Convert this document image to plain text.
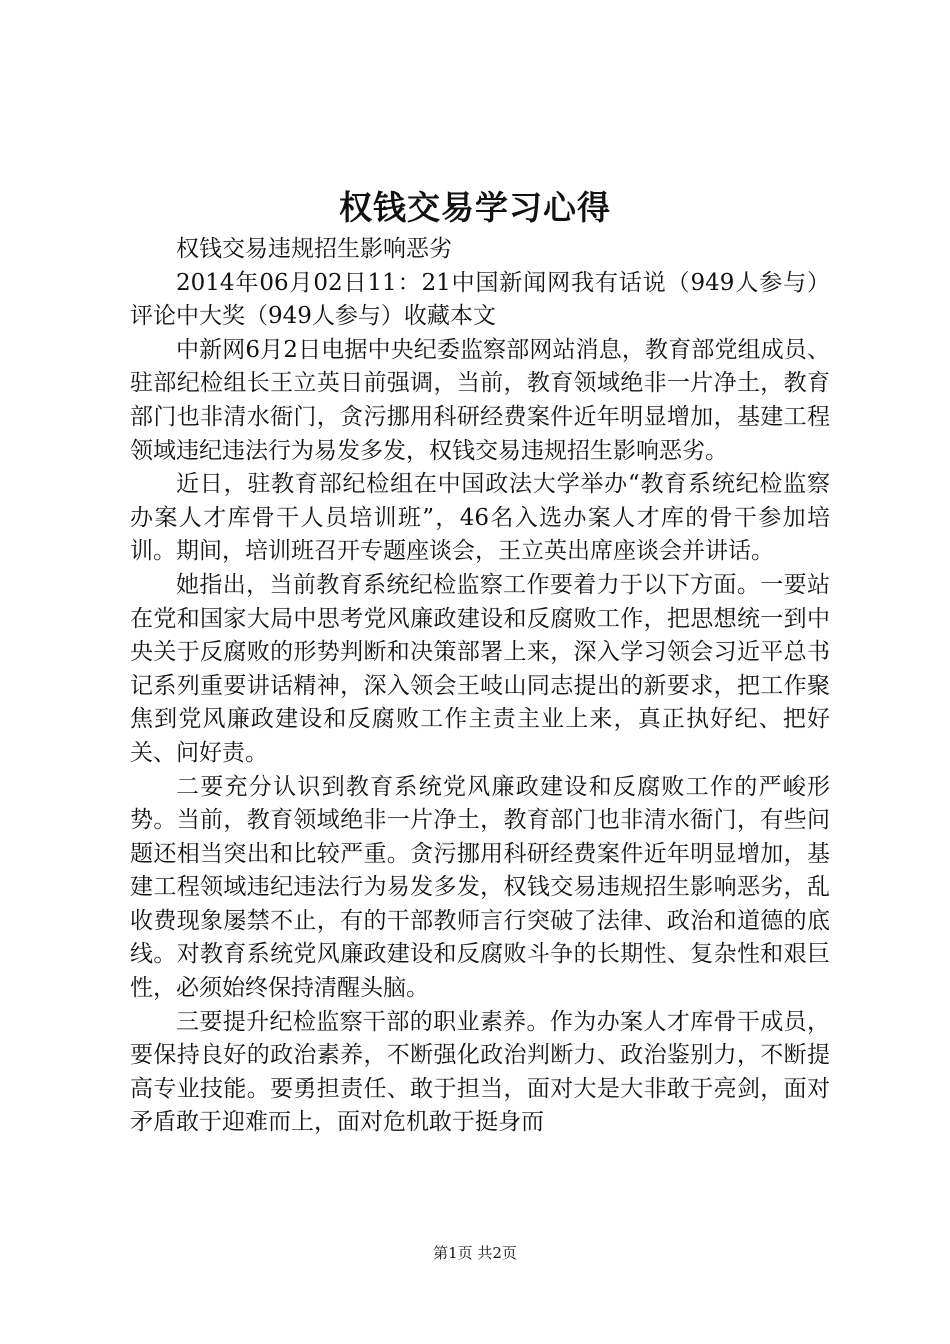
权钱交易学习心得

权钱交易违规招生影响恶劣

2014年06月02日11：21中国新闻网我有话说（949人参与）评论中大奖（949人参与）收藏本文

中新网6月2日电据中央纪委监察部网站消息，教育部党组成员、驻部纪检组长王立英日前强调，当前，教育领域绝非一片净土，教育部门也非清水衙门，贪污挪用科研经费案件近年明显增加，基建工程领域违纪违法行为易发多发，权钱交易违规招生影响恶劣。

近日，驻教育部纪检组在中国政法大学举办“教育系统纪检监察办案人才库骨干人员培训班”，46名入选办案人才库的骨干参加培训。期间，培训班召开专题座谈会，王立英出席座谈会并讲话。

她指出，当前教育系统纪检监察工作要着力于以下方面。一要站在党和国家大局中思考党风廉政建设和反腐败工作，把思想统一到中央关于反腐败的形势判断和决策部署上来，深入学习领会习近平总书记系列重要讲话精神，深入领会王岐山同志提出的新要求，把工作聚焦到党风廉政建设和反腐败工作主责主业上来，真正执好纪、把好关、问好责。

二要充分认识到教育系统党风廉政建设和反腐败工作的严峻形势。当前，教育领域绝非一片净土，教育部门也非清水衙门，有些问题还相当突出和比较严重。贪污挪用科研经费案件近年明显增加，基建工程领域违纪违法行为易发多发，权钱交易违规招生影响恶劣，乱收费现象屡禁不止，有的干部教师言行突破了法律、政治和道德的底线。对教育系统党风廉政建设和反腐败斗争的长期性、复杂性和艰巨性，必须始终保持清醒头脑。

三要提升纪检监察干部的职业素养。作为办案人才库骨干成员，要保持良好的政治素养，不断强化政治判断力、政治鉴别力，不断提高专业技能。要勇担责任、敢于担当，面对大是大非敢于亮剑，面对矛盾敢于迎难而上，面对危机敢于挺身而

第1页 共2页
